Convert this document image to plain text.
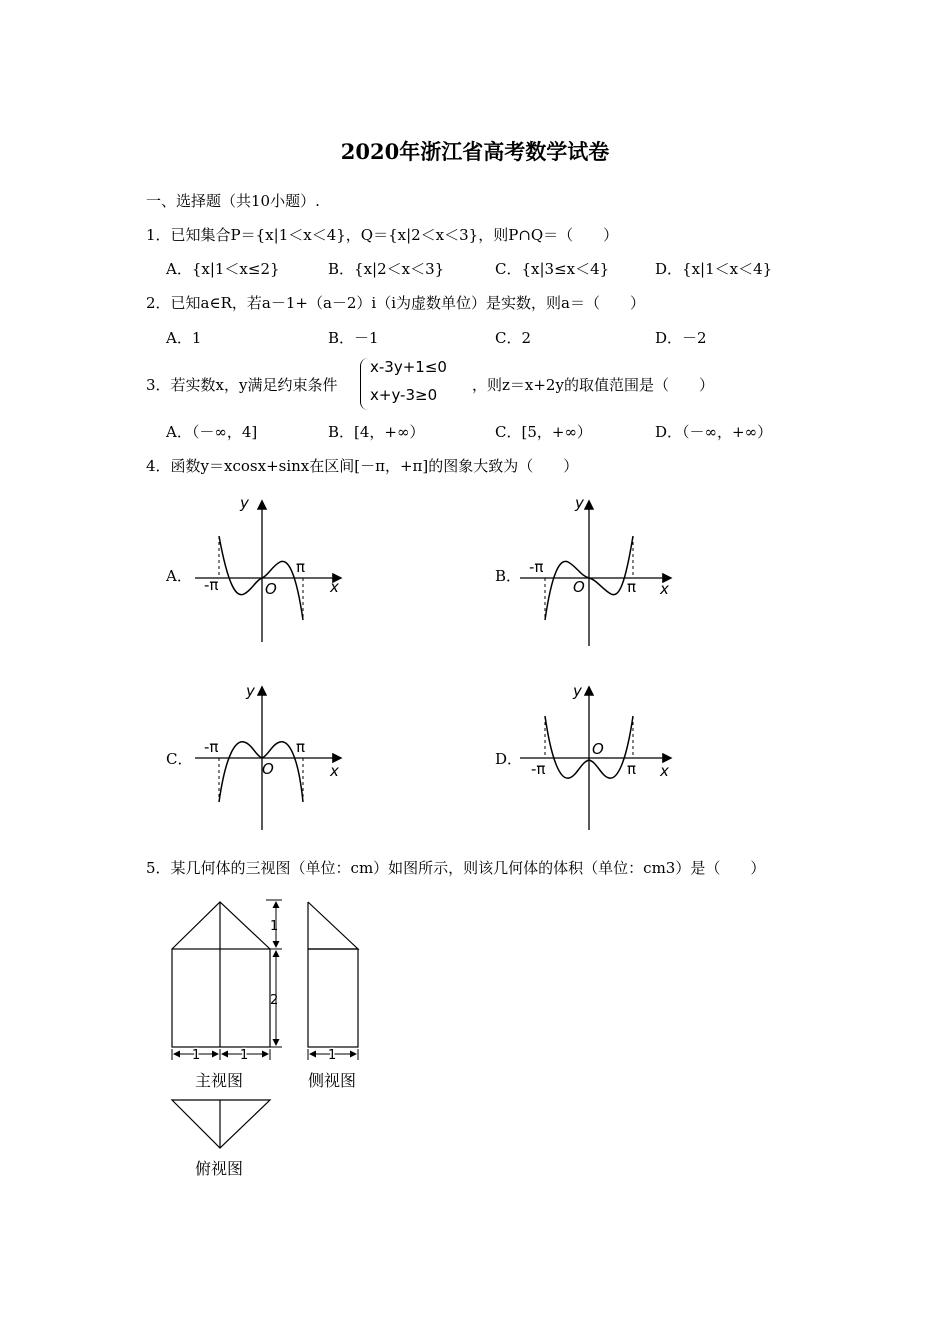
2020年浙江省高考数学试卷
一、选择题（共10小题）.
1．已知集合P＝{x|1＜x＜4}，Q＝{x|2＜x＜3}，则P∩Q＝（　　）
A．{x|1＜x≤2}	B．{x|2＜x＜3}	C．{x|3≤x＜4}	D．{x|1＜x＜4}
2．已知a∈R，若a－1+（a－2）i（i为虚数单位）是实数，则a＝（　　）
A．1	B．－1	C．2	D．－2
3．若实数x，y满足约束条件
x-3y+1≤0
x+y-3≥0
，则z＝x+2y的取值范围是（　　）
A．（－∞，4]	B．[4，+∞）	C．[5，+∞）	D．（－∞，+∞）
4．函数y＝xcosx+sinx在区间[－π，+π]的图象大致为（　　）
A．	B．
C．	D．
y
x
O
-π
π
y
x
O
-π
π
y
x
O
-π	π
y
x
O
-π	π
5．某几何体的三视图（单位：cm）如图所示，则该几何体的体积（单位：cm3）是（　　）
1
2
1	1	1
主视图	侧视图
俯视图
